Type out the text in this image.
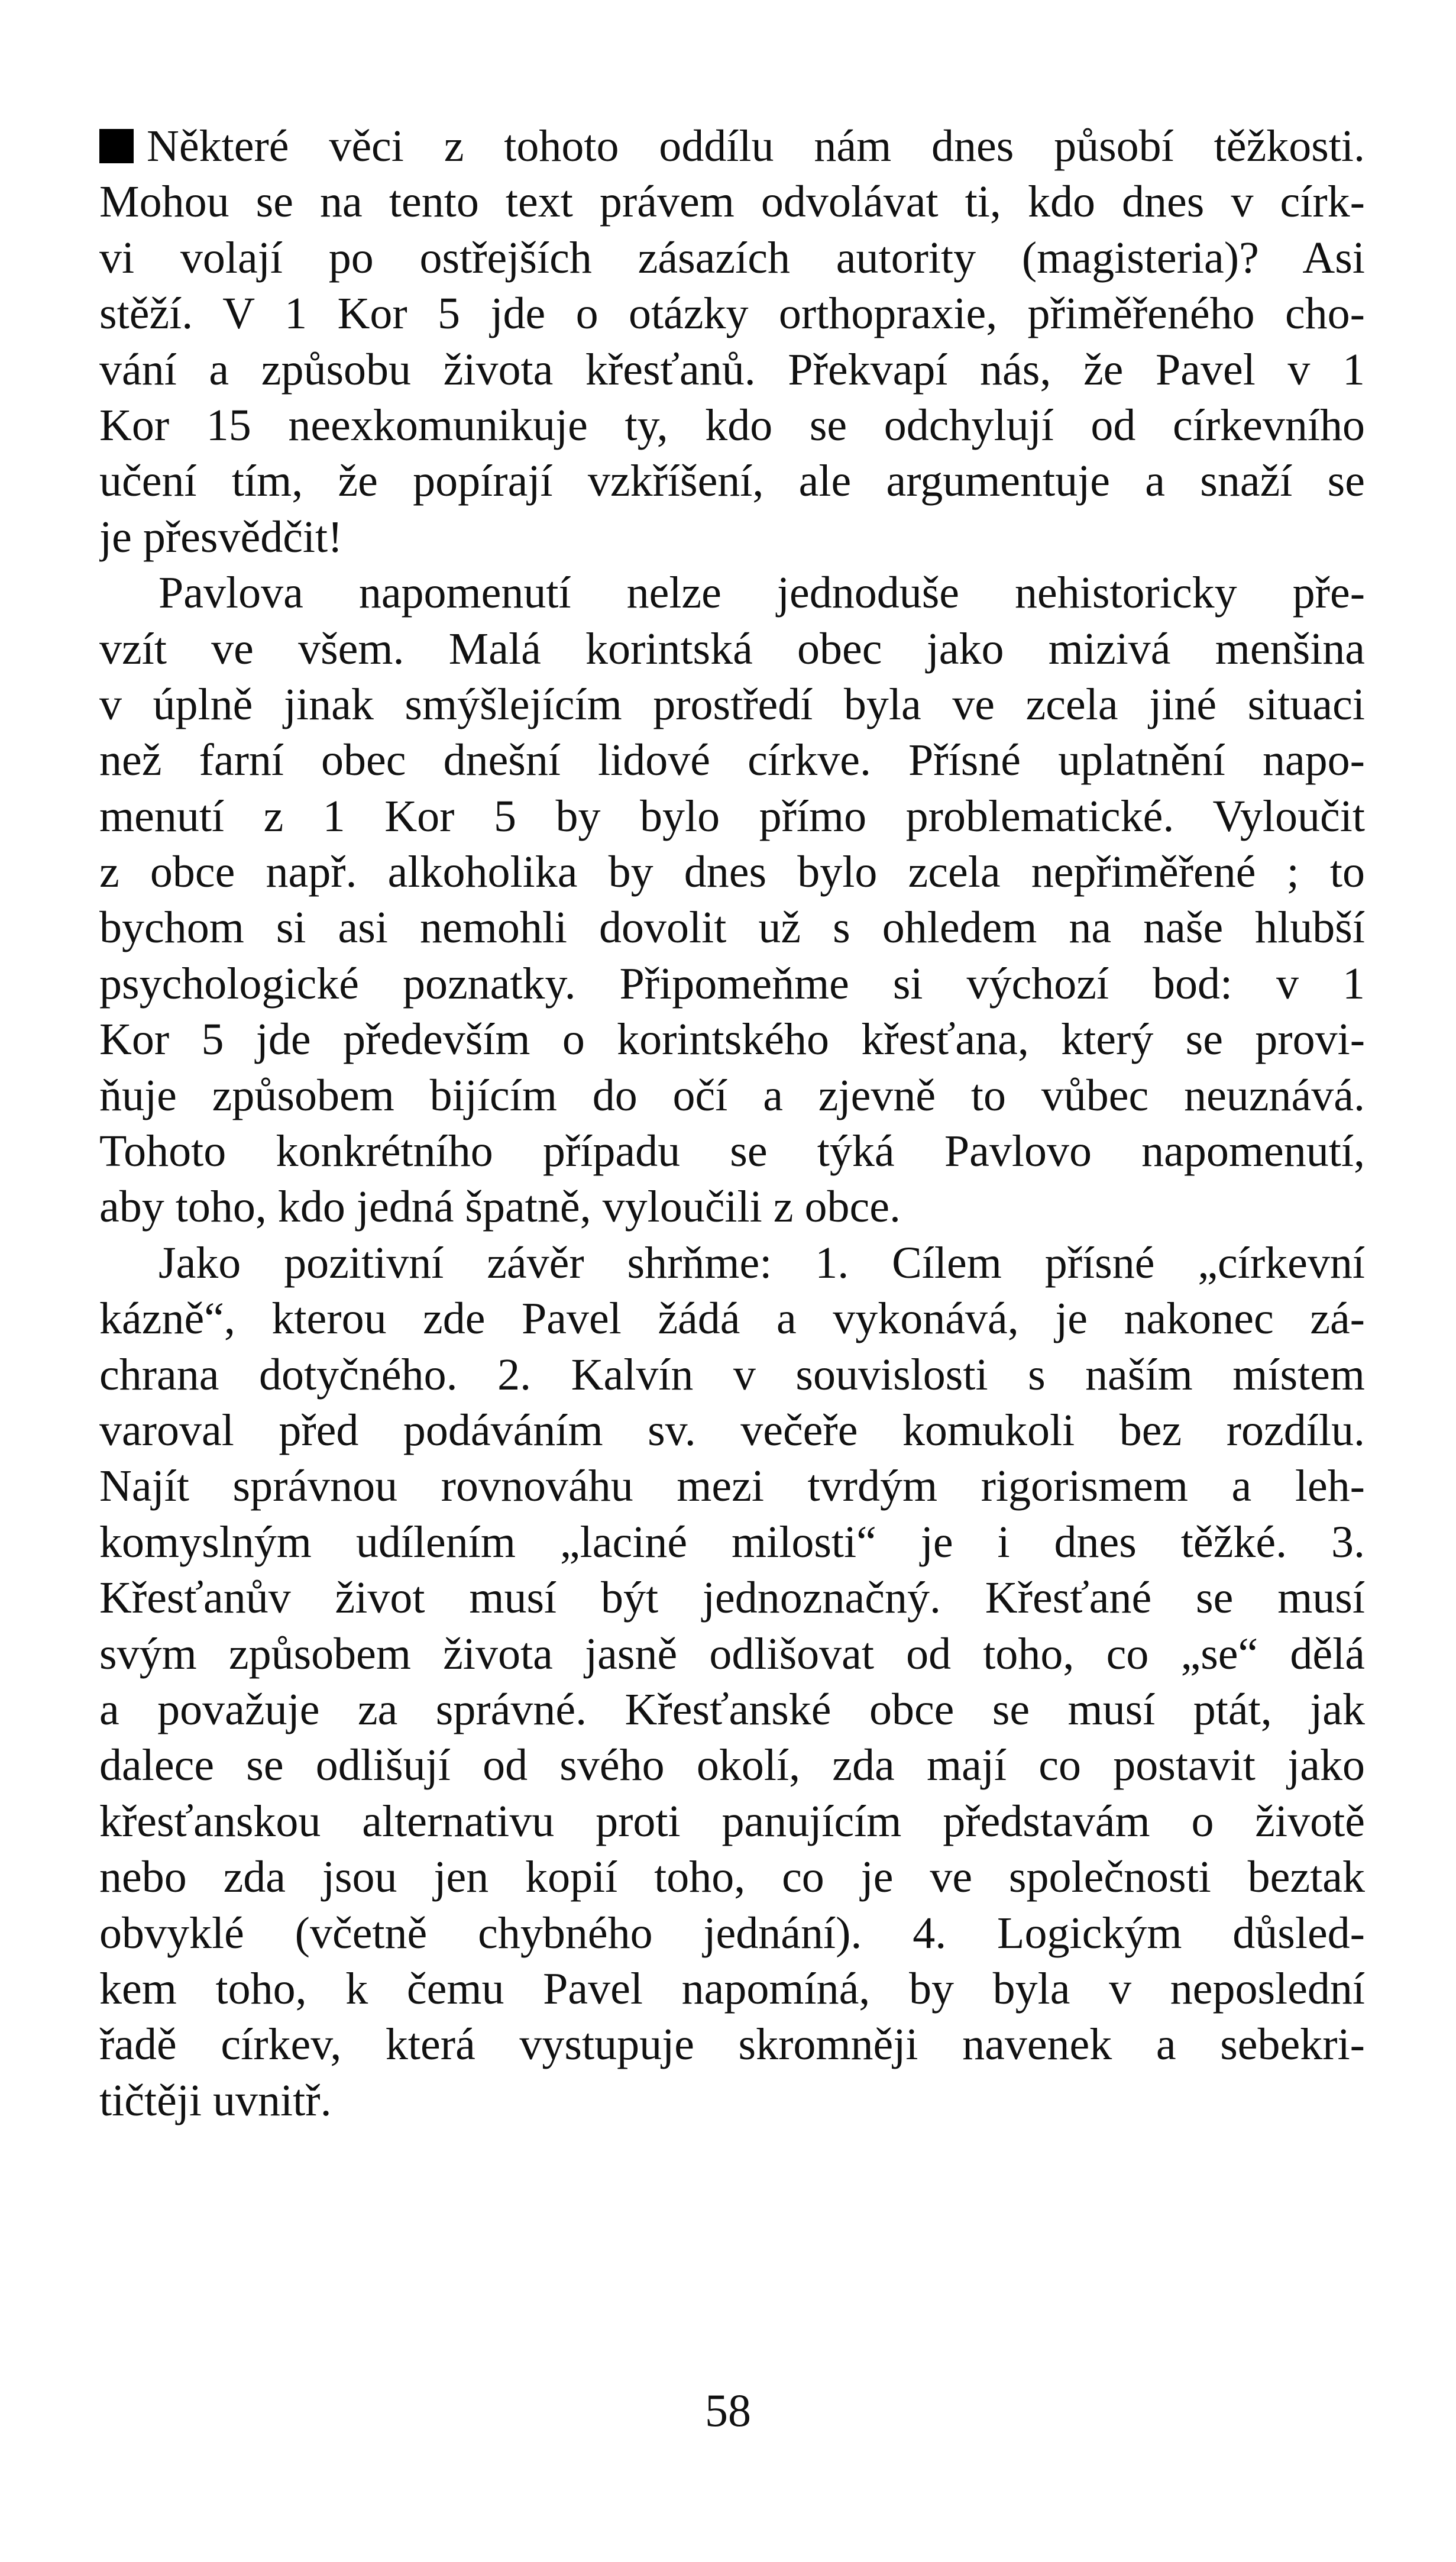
Některé věci z tohoto oddílu nám dnes působí těžkosti.
Mohou se na tento text právem odvolávat ti, kdo dnes v círk-
vi volají po ostřejších zásazích autority (magisteria)? Asi
stěží. V 1 Kor 5 jde o otázky orthopraxie, přiměřeného cho-
vání a způsobu života křesťanů. Překvapí nás, že Pavel v 1
Kor 15 neexkomunikuje ty, kdo se odchylují od církevního
učení tím, že popírají vzkříšení, ale argumentuje a snaží se
je přesvědčit!
Pavlova napomenutí nelze jednoduše nehistoricky pře-
vzít ve všem. Malá korintská obec jako mizivá menšina
v úplně jinak smýšlejícím prostředí byla ve zcela jiné situaci
než farní obec dnešní lidové církve. Přísné uplatnění napo-
menutí z 1 Kor 5 by bylo přímo problematické. Vyloučit
z obce např. alkoholika by dnes bylo zcela nepřiměřené ; to
bychom si asi nemohli dovolit už s ohledem na naše hlubší
psychologické poznatky. Připomeňme si výchozí bod: v 1
Kor 5 jde především o korintského křesťana, který se provi-
ňuje způsobem bijícím do očí a zjevně to vůbec neuznává.
Tohoto konkrétního případu se týká Pavlovo napomenutí,
aby toho, kdo jedná špatně, vyloučili z obce.
Jako pozitivní závěr shrňme: 1. Cílem přísné „církevní
kázně“, kterou zde Pavel žádá a vykonává, je nakonec zá-
chrana dotyčného. 2. Kalvín v souvislosti s naším místem
varoval před podáváním sv. večeře komukoli bez rozdílu.
Najít správnou rovnováhu mezi tvrdým rigorismem a leh-
komyslným udílením „laciné milosti“ je i dnes těžké. 3.
Křesťanův život musí být jednoznačný. Křesťané se musí
svým způsobem života jasně odlišovat od toho, co „se“ dělá
a považuje za správné. Křesťanské obce se musí ptát, jak
dalece se odlišují od svého okolí, zda mají co postavit jako
křesťanskou alternativu proti panujícím představám o životě
nebo zda jsou jen kopií toho, co je ve společnosti beztak
obvyklé (včetně chybného jednání). 4. Logickým důsled-
kem toho, k čemu Pavel napomíná, by byla v neposlední
řadě církev, která vystupuje skromněji navenek a sebekri-
tičtěji uvnitř.
58
